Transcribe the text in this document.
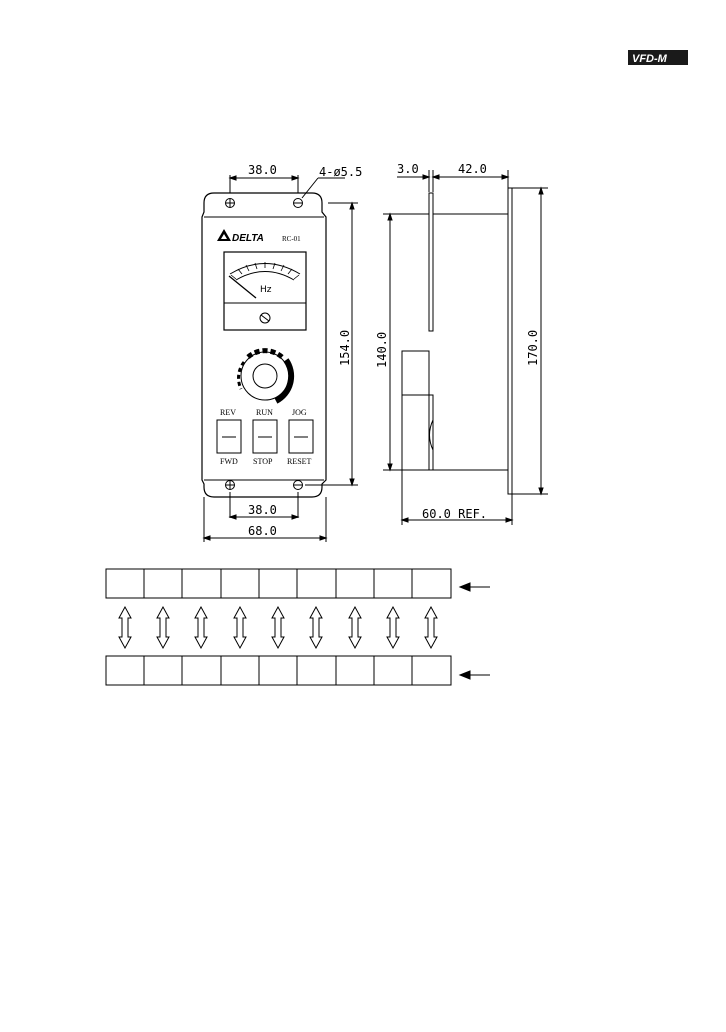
VFD-M
38.0	4-ø5.5
154.0
38.0
68.0
DELTA	RC-01
Hz
REV
FWD
RUN
STOP
JOG
RESET
3.0	42.0
140.0	170.0
60.0 REF.
